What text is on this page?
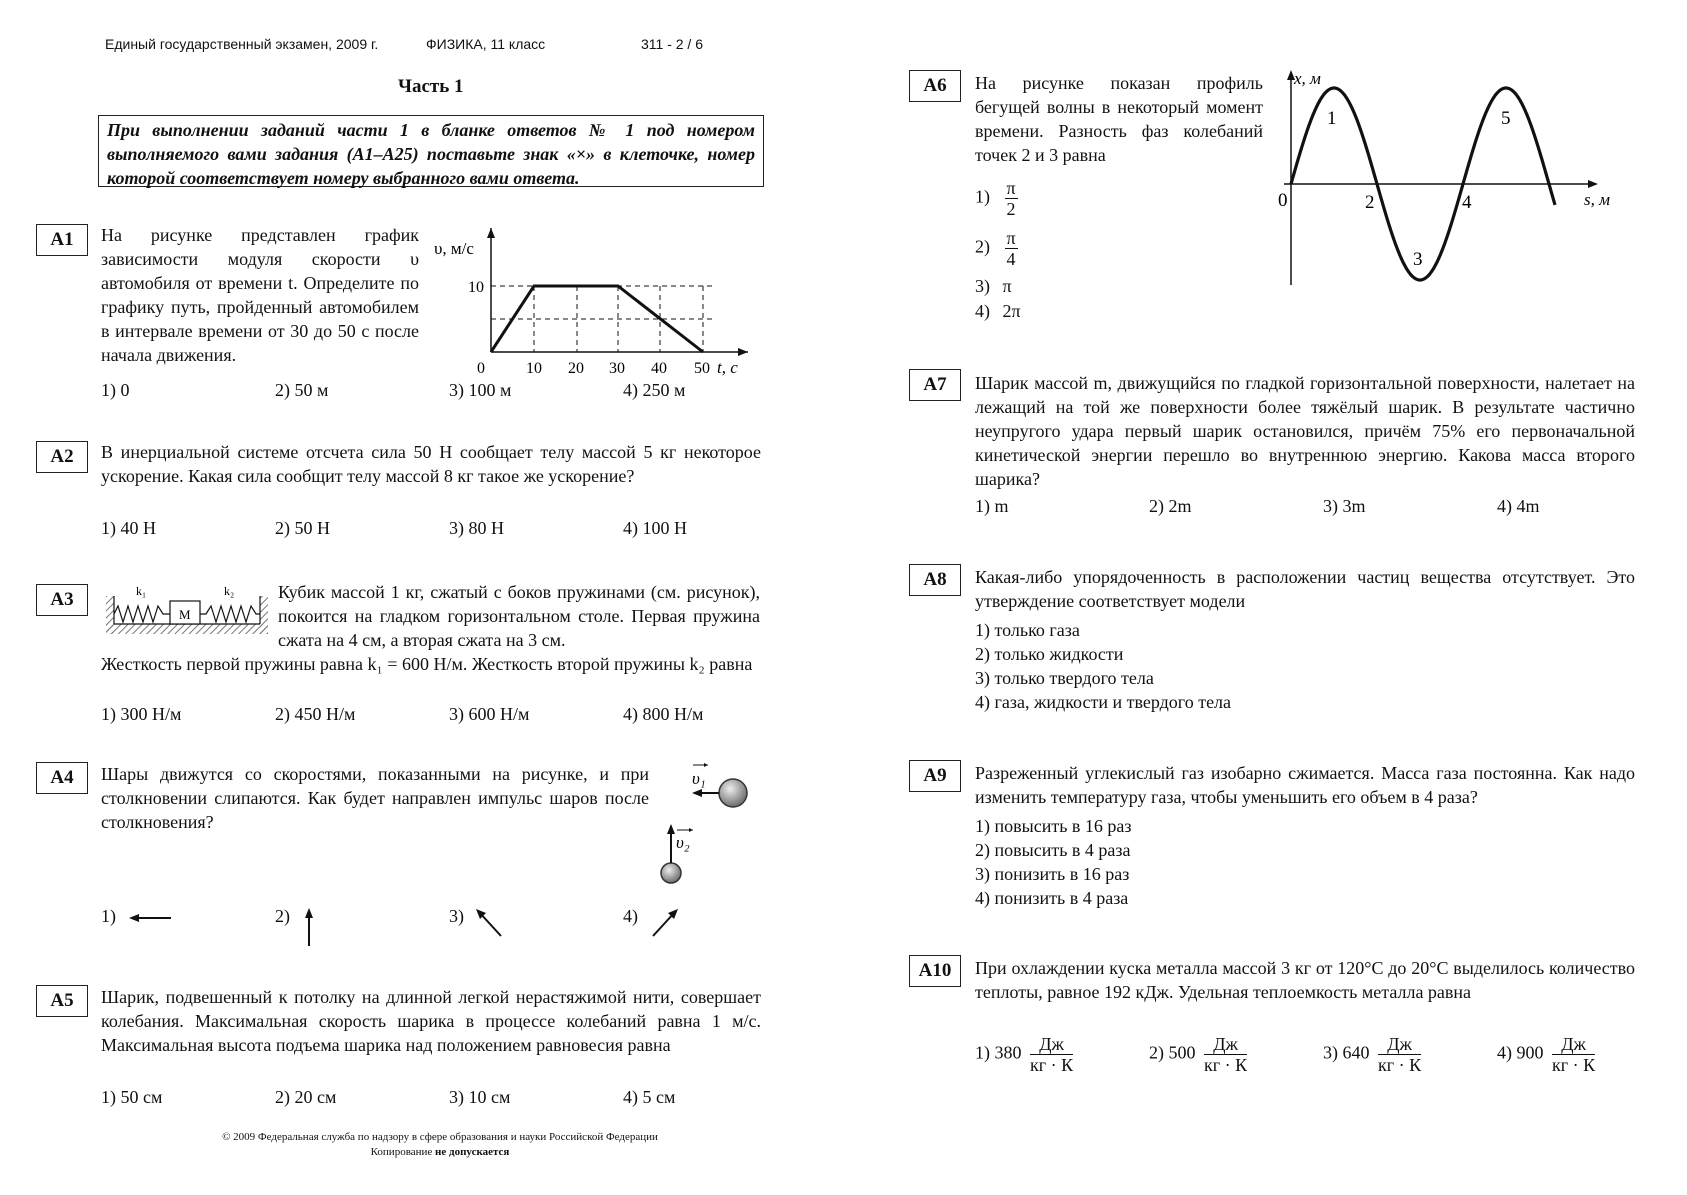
Единый государственный экзамен, 2009 г.	ФИЗИКА, 11 класс	311 - 2 / 6
Часть 1
При выполнении заданий части 1 в бланке ответов № 1 под номером выполняемого вами задания (А1–А25) поставьте знак «×» в клеточке, номер которой соответствует номеру выбранного вами ответа.
А1	На рисунке представлен график зависимости модуля скорости υ автомобиля от времени t. Определите по графику путь, пройденный автомобилем в интервале времени от 30 до 50 с после начала движения.
υ, м/с
10
0	10 20 30 40 50 t, с
1) 0	2) 50 м	3) 100 м	4) 250 м
А2	В инерциальной системе отсчета сила 50 Н сообщает телу массой 5 кг некоторое ускорение. Какая сила сообщит телу массой 8 кг такое же ускорение?
1) 40 Н	2) 50 Н	3) 80 Н	4) 100 Н
А3	k₁	k₂
M
Кубик массой 1 кг, сжатый с боков пружинами (см. рисунок), покоится на гладком горизонтальном столе. Первая пружина сжата на 4 см, а вторая сжата на 3 см.
Жесткость первой пружины равна k₁ = 600 Н/м. Жесткость второй пружины k₂ равна
1) 300 Н/м	2) 450 Н/м	3) 600 Н/м	4) 800 Н/м
А4	Шары движутся со скоростями, показанными на рисунке, и при столкновении слипаются. Как будет направлен импульс шаров после столкновения?
υ₁
υ₂
1)	2)	3)	4)
А5	Шарик, подвешенный к потолку на длинной легкой нерастяжимой нити, совершает колебания. Максимальная скорость шарика в процессе колебаний равна 1 м/с. Максимальная высота подъема шарика над положением равновесия равна
1) 50 см	2) 20 см	3) 10 см	4) 5 см
© 2009 Федеральная служба по надзору в сфере образования и науки Российской Федерации
Копирование не допускается
А6	На рисунке показан профиль бегущей волны в некоторый момент времени. Разность фаз колебаний точек 2 и 3 равна
$1) \frac{\pi}{2}$
$2) \frac{\pi}{4}$
3) π
4) 2π
x, м
s, м
0
1
2
3
4
5
А7	Шарик массой m, движущийся по гладкой горизонтальной поверхности, налетает на лежащий на той же поверхности более тяжёлый шарик. В результате частично неупругого удара первый шарик остановился, причём 75% его первоначальной кинетической энергии перешло во внутреннюю энергию. Какова масса второго шарика?
1) m	2) 2m	3) 3m	4) 4m
А8	Какая-либо упорядоченность в расположении частиц вещества отсутствует. Это утверждение соответствует модели
1) только газа
2) только жидкости
3) только твердого тела
4) газа, жидкости и твердого тела
А9	Разреженный углекислый газ изобарно сжимается. Масса газа постоянна. Как надо изменить температуру газа, чтобы уменьшить его объем в 4 раза?
1) повысить в 16 раз
2) повысить в 4 раза
3) понизить в 16 раз
4) понизить в 4 раза
А10	При охлаждении куска металла массой 3 кг от 120°С до 20°С выделилось количество теплоты, равное 192 кДж. Удельная теплоемкость металла равна
1) $380 \frac{Дж}{кг \cdot К}$	2) $500 \frac{Дж}{кг \cdot К}$	3) $640 \frac{Дж}{кг \cdot К}$	4) $900 \frac{Дж}{кг \cdot К}$
